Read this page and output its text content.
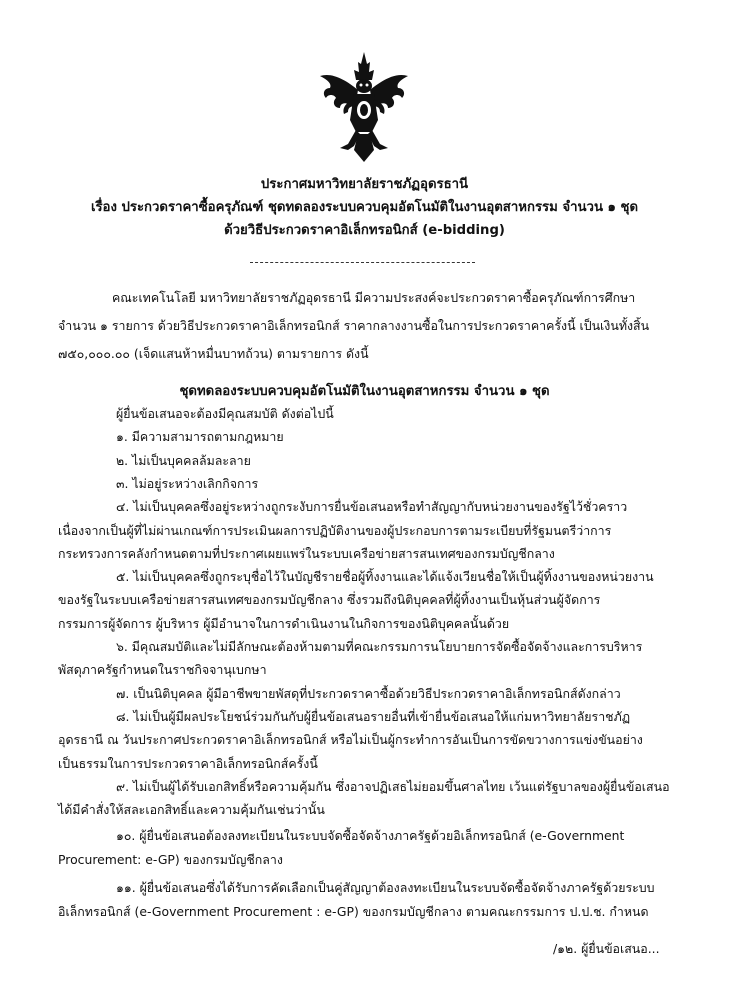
ประกาศมหาวิทยาลัยราชภัฏอุดรธานี
เรื่อง ประกวดราคาซื้อครุภัณฑ์ ชุดทดลองระบบควบคุมอัตโนมัติในงานอุตสาหกรรม จำนวน ๑ ชุด
ด้วยวิธีประกวดราคาอิเล็กทรอนิกส์ (e-bidding)
คณะเทคโนโลยี มหาวิทยาลัยราชภัฏอุดรธานี มีความประสงค์จะประกวดราคาซื้อครุภัณฑ์การศึกษา
จำนวน ๑ รายการ ด้วยวิธีประกวดราคาอิเล็กทรอนิกส์ ราคากลางงานซื้อในการประกวดราคาครั้งนี้ เป็นเงินทั้งสิ้น
๗๕๐,๐๐๐.๐๐ (เจ็ดแสนห้าหมื่นบาทถ้วน) ตามรายการ ดังนี้
ชุดทดลองระบบควบคุมอัตโนมัติในงานอุตสาหกรรม จำนวน ๑ ชุด
ผู้ยื่นข้อเสนอจะต้องมีคุณสมบัติ ดังต่อไปนี้
๑. มีความสามารถตามกฎหมาย
๒. ไม่เป็นบุคคลล้มละลาย
๓. ไม่อยู่ระหว่างเลิกกิจการ
๔. ไม่เป็นบุคคลซึ่งอยู่ระหว่างถูกระงับการยื่นข้อเสนอหรือทำสัญญากับหน่วยงานของรัฐไว้ชั่วคราว
เนื่องจากเป็นผู้ที่ไม่ผ่านเกณฑ์การประเมินผลการปฏิบัติงานของผู้ประกอบการตามระเบียบที่รัฐมนตรีว่าการ
กระทรวงการคลังกำหนดตามที่ประกาศเผยแพร่ในระบบเครือข่ายสารสนเทศของกรมบัญชีกลาง
๕. ไม่เป็นบุคคลซึ่งถูกระบุชื่อไว้ในบัญชีรายชื่อผู้ทิ้งงานและได้แจ้งเวียนชื่อให้เป็นผู้ทิ้งงานของหน่วยงาน
ของรัฐในระบบเครือข่ายสารสนเทศของกรมบัญชีกลาง ซึ่งรวมถึงนิติบุคคลที่ผู้ทิ้งงานเป็นหุ้นส่วนผู้จัดการ
กรรมการผู้จัดการ ผู้บริหาร ผู้มีอำนาจในการดำเนินงานในกิจการของนิติบุคคลนั้นด้วย
๖. มีคุณสมบัติและไม่มีลักษณะต้องห้ามตามที่คณะกรรมการนโยบายการจัดซื้อจัดจ้างและการบริหาร
พัสดุภาครัฐกำหนดในราชกิจจานุเบกษา
๗. เป็นนิติบุคคล ผู้มีอาชีพขายพัสดุที่ประกวดราคาซื้อด้วยวิธีประกวดราคาอิเล็กทรอนิกส์ดังกล่าว
๘. ไม่เป็นผู้มีผลประโยชน์ร่วมกันกับผู้ยื่นข้อเสนอรายอื่นที่เข้ายื่นข้อเสนอให้แก่มหาวิทยาลัยราชภัฏ
อุดรธานี ณ วันประกาศประกวดราคาอิเล็กทรอนิกส์ หรือไม่เป็นผู้กระทำการอันเป็นการขัดขวางการแข่งขันอย่าง
เป็นธรรมในการประกวดราคาอิเล็กทรอนิกส์ครั้งนี้
๙. ไม่เป็นผู้ได้รับเอกสิทธิ์หรือความคุ้มกัน ซึ่งอาจปฏิเสธไม่ยอมขึ้นศาลไทย เว้นแต่รัฐบาลของผู้ยื่นข้อเสนอ
ได้มีคำสั่งให้สละเอกสิทธิ์และความคุ้มกันเช่นว่านั้น
/๑๒. ผู้ยื่นข้อเสนอ...
๑๐. ผู้ยื่นข้อเสนอต้องลงทะเบียนในระบบจัดซื้อจัดจ้างภาครัฐด้วยอิเล็กทรอนิกส์ (e-Government
Procurement: e-GP) ของกรมบัญชีกลาง
๑๑. ผู้ยื่นข้อเสนอซึ่งได้รับการคัดเลือกเป็นคู่สัญญาต้องลงทะเบียนในระบบจัดซื้อจัดจ้างภาครัฐด้วยระบบ
อิเล็กทรอนิกส์ (e-Government Procurement : e-GP) ของกรมบัญชีกลาง ตามคณะกรรมการ ป.ป.ช. กำหนด
